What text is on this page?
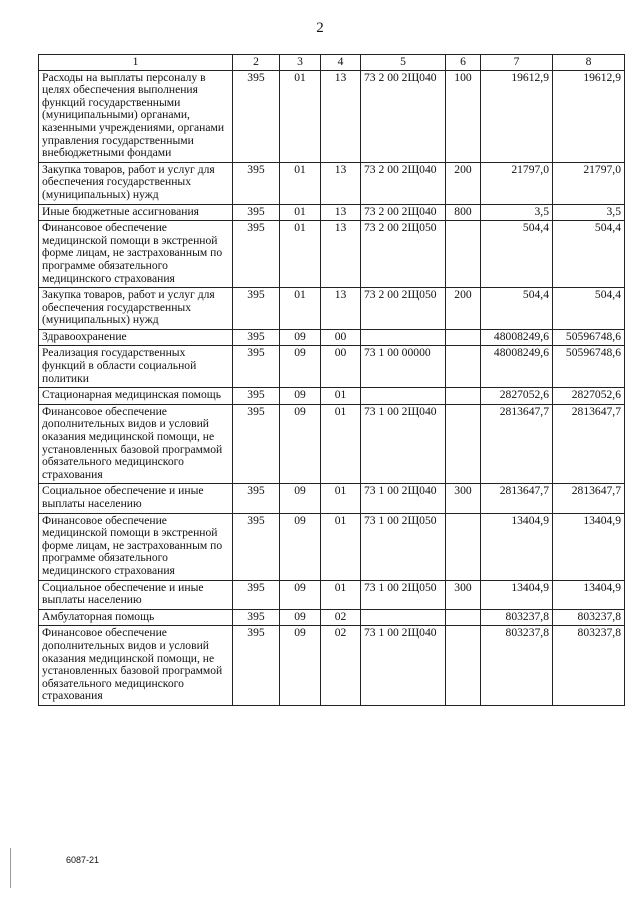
2
1	2	3	4	5	6	7	8
Расходы на выплаты персоналу в целях обеспечения выполнения функций государственными (муниципальными) органами, казенными учреждениями, органами управления государственными внебюджетными фондами	395	01	13	73 2 00 2Щ040	100	19612,9	19612,9
Закупка товаров, работ и услуг для обеспечения государственных (муниципальных) нужд	395	01	13	73 2 00 2Щ040	200	21797,0	21797,0
Иные бюджетные ассигнования	395	01	13	73 2 00 2Щ040	800	3,5	3,5
Финансовое обеспечение медицинской помощи в экстренной форме лицам, не застрахованным по программе обязательного медицинского страхования	395	01	13	73 2 00 2Щ050		504,4	504,4
Закупка товаров, работ и услуг для обеспечения государственных (муниципальных) нужд	395	01	13	73 2 00 2Щ050	200	504,4	504,4
Здравоохранение	395	09	00			48008249,6	50596748,6
Реализация государственных функций в области социальной политики	395	09	00	73 1 00 00000		48008249,6	50596748,6
Стационарная медицинская помощь	395	09	01			2827052,6	2827052,6
Финансовое обеспечение дополнительных видов и условий оказания медицинской помощи, не установленных базовой программой обязательного медицинского страхования	395	09	01	73 1 00 2Щ040		2813647,7	2813647,7
Социальное обеспечение и иные выплаты населению	395	09	01	73 1 00 2Щ040	300	2813647,7	2813647,7
Финансовое обеспечение медицинской помощи в экстренной форме лицам, не застрахованным по программе обязательного медицинского страхования	395	09	01	73 1 00 2Щ050		13404,9	13404,9
Социальное обеспечение и иные выплаты населению	395	09	01	73 1 00 2Щ050	300	13404,9	13404,9
Амбулаторная помощь	395	09	02			803237,8	803237,8
Финансовое обеспечение дополнительных видов и условий оказания медицинской помощи, не установленных базовой программой обязательного медицинского страхования	395	09	02	73 1 00 2Щ040		803237,8	803237,8
6087-21
